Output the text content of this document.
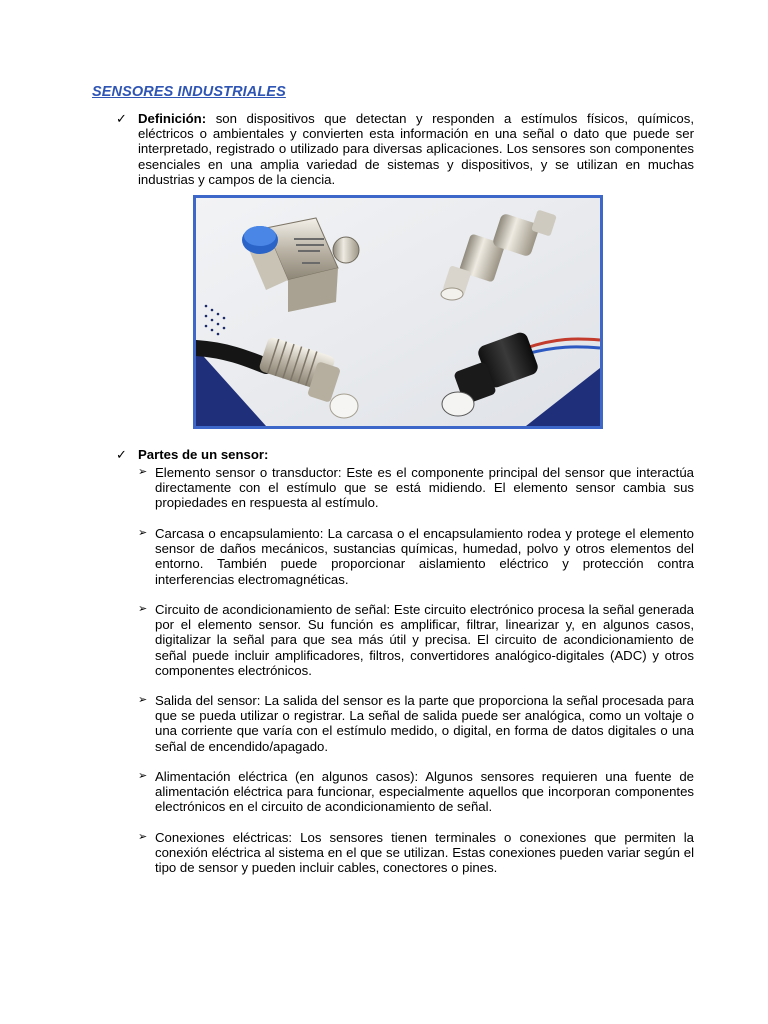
SENSORES INDUSTRIALES
✓ Definición: son dispositivos que detectan y responden a estímulos físicos, químicos, eléctricos o ambientales y convierten esta información en una señal o dato que puede ser interpretado, registrado o utilizado para diversas aplicaciones. Los sensores son componentes esenciales en una amplia variedad de sistemas y dispositivos, y se utilizan en muchas industrias y campos de la ciencia.
✓ Partes de un sensor:
➢ Elemento sensor o transductor: Este es el componente principal del sensor que interactúa directamente con el estímulo que se está midiendo. El elemento sensor cambia sus propiedades en respuesta al estímulo.
➢ Carcasa o encapsulamiento: La carcasa o el encapsulamiento rodea y protege el elemento sensor de daños mecánicos, sustancias químicas, humedad, polvo y otros elementos del entorno. También puede proporcionar aislamiento eléctrico y protección contra interferencias electromagnéticas.
➢ Circuito de acondicionamiento de señal: Este circuito electrónico procesa la señal generada por el elemento sensor. Su función es amplificar, filtrar, linearizar y, en algunos casos, digitalizar la señal para que sea más útil y precisa. El circuito de acondicionamiento de señal puede incluir amplificadores, filtros, convertidores analógico-digitales (ADC) y otros componentes electrónicos.
➢ Salida del sensor: La salida del sensor es la parte que proporciona la señal procesada para que se pueda utilizar o registrar. La señal de salida puede ser analógica, como un voltaje o una corriente que varía con el estímulo medido, o digital, en forma de datos digitales o una señal de encendido/apagado.
➢ Alimentación eléctrica (en algunos casos): Algunos sensores requieren una fuente de alimentación eléctrica para funcionar, especialmente aquellos que incorporan componentes electrónicos en el circuito de acondicionamiento de señal.
➢ Conexiones eléctricas: Los sensores tienen terminales o conexiones que permiten la conexión eléctrica al sistema en el que se utilizan. Estas conexiones pueden variar según el tipo de sensor y pueden incluir cables, conectores o pines.
